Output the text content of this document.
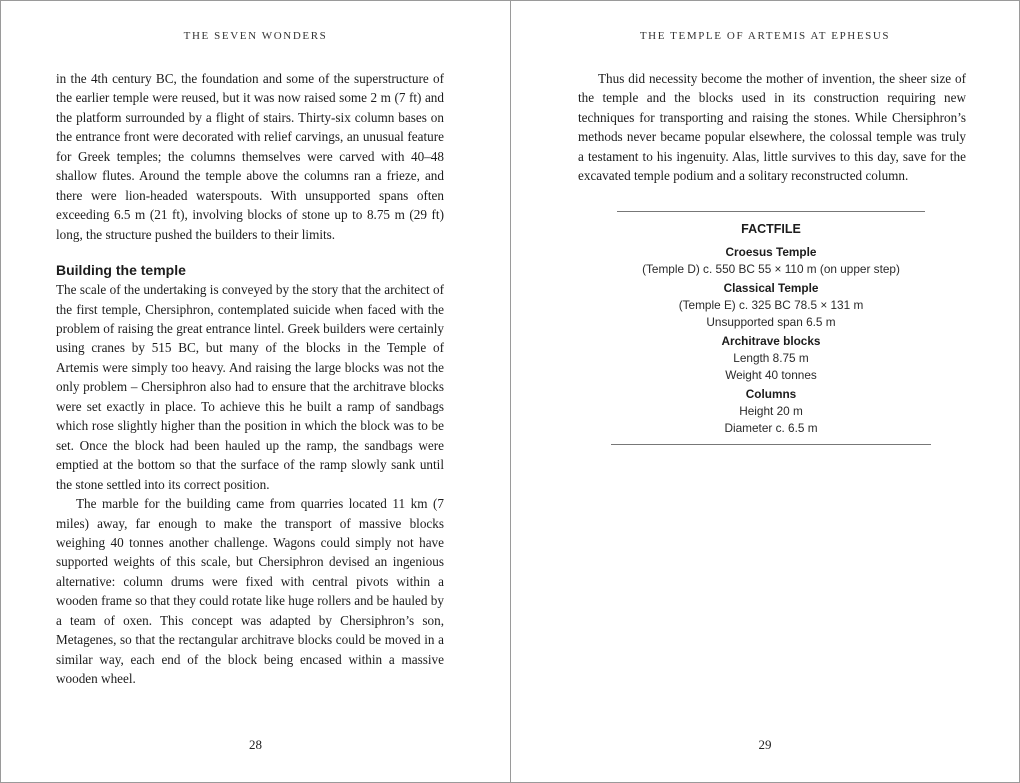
THE SEVEN WONDERS

in the 4th century BC, the foundation and some of the superstructure of the earlier temple were reused, but it was now raised some 2 m (7 ft) and the platform surrounded by a flight of stairs. Thirty-six column bases on the entrance front were decorated with relief carvings, an unusual feature for Greek temples; the columns themselves were carved with 40–48 shallow flutes. Around the temple above the columns ran a frieze, and there were lion-headed waterspouts. With unsupported spans often exceeding 6.5 m (21 ft), involving blocks of stone up to 8.75 m (29 ft) long, the structure pushed the builders to their limits.

Building the temple

The scale of the undertaking is conveyed by the story that the architect of the first temple, Chersiphron, contemplated suicide when faced with the problem of raising the great entrance lintel. Greek builders were certainly using cranes by 515 BC, but many of the blocks in the Temple of Artemis were simply too heavy. And raising the large blocks was not the only problem – Chersiphron also had to ensure that the architrave blocks were set exactly in place. To achieve this he built a ramp of sandbags which rose slightly higher than the position in which the block was to be set. Once the block had been hauled up the ramp, the sandbags were emptied at the bottom so that the surface of the ramp slowly sank until the stone settled into its correct position.

The marble for the building came from quarries located 11 km (7 miles) away, far enough to make the transport of massive blocks weighing 40 tonnes another challenge. Wagons could simply not have supported weights of this scale, but Chersiphron devised an ingenious alternative: column drums were fixed with central pivots within a wooden frame so that they could rotate like huge rollers and be hauled by a team of oxen. This concept was adapted by Chersiphron’s son, Metagenes, so that the rectangular architrave blocks could be moved in a similar way, each end of the block being encased within a massive wooden wheel.

28
THE TEMPLE OF ARTEMIS AT EPHESUS

Thus did necessity become the mother of invention, the sheer size of the temple and the blocks used in its construction requiring new techniques for transporting and raising the stones. While Chersiphron’s methods never became popular elsewhere, the colossal temple was truly a testament to his ingenuity. Alas, little survives to this day, save for the excavated temple podium and a solitary reconstructed column.

FACTFILE
Croesus Temple
(Temple D) c. 550 BC 55 × 110 m (on upper step)
Classical Temple
(Temple E) c. 325 BC 78.5 × 131 m
Unsupported span 6.5 m
Architrave blocks
Length 8.75 m
Weight 40 tonnes
Columns
Height 20 m
Diameter c. 6.5 m
29
